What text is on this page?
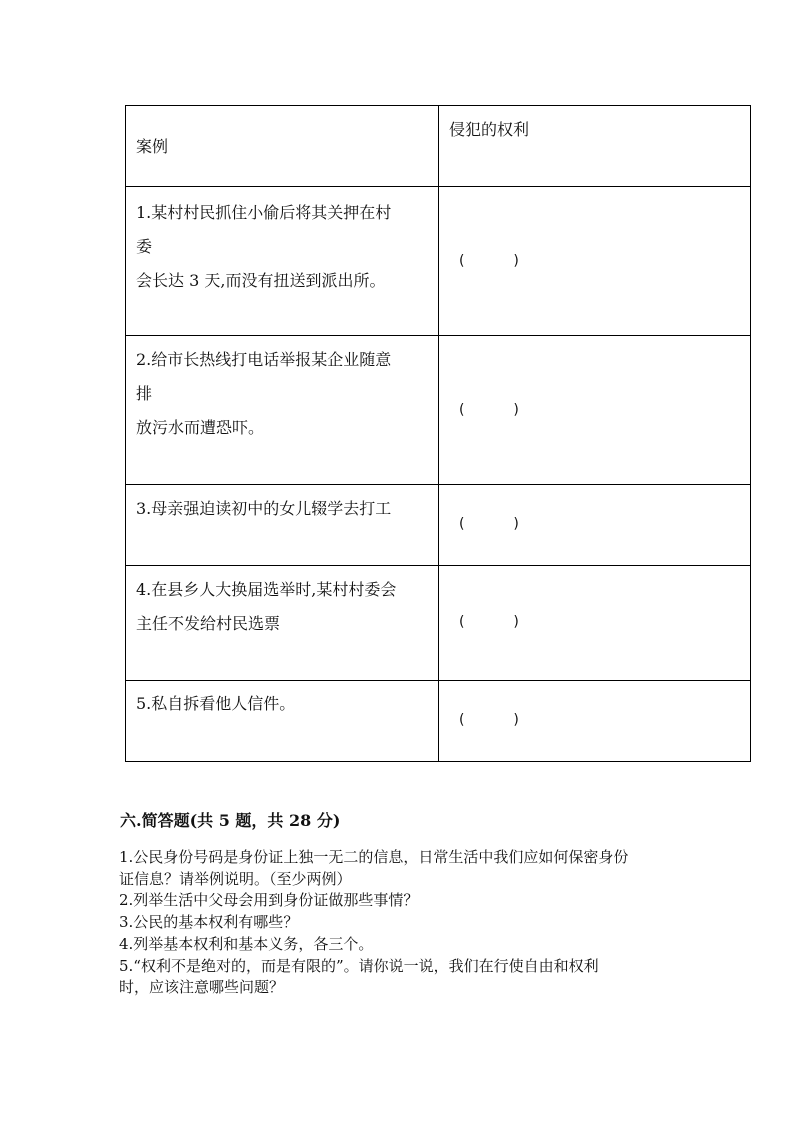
案例	侵犯的权利

1.某村村民抓住小偷后将其关押在村
委
会长达 3 天,而没有扭送到派出所。	(           )

2.给市长热线打电话举报某企业随意
排
放污水而遭恐吓。	(           )

3.母亲强迫读初中的女儿辍学去打工	(           )

4.在县乡人大换届选举时,某村村委会
主任不发给村民选票	(           )

5.私自拆看他人信件。	(           )
六.简答题(共 5 题，共 28 分)

1.公民身份号码是身份证上独一无二的信息，日常生活中我们应如何保密身份

证信息？请举例说明。（至少两例）

2.列举生活中父母会用到身份证做那些事情？

3.公民的基本权利有哪些？

4.列举基本权利和基本义务，各三个。

5.“权利不是绝对的，而是有限的”。请你说一说，我们在行使自由和权利

时，应该注意哪些问题？
